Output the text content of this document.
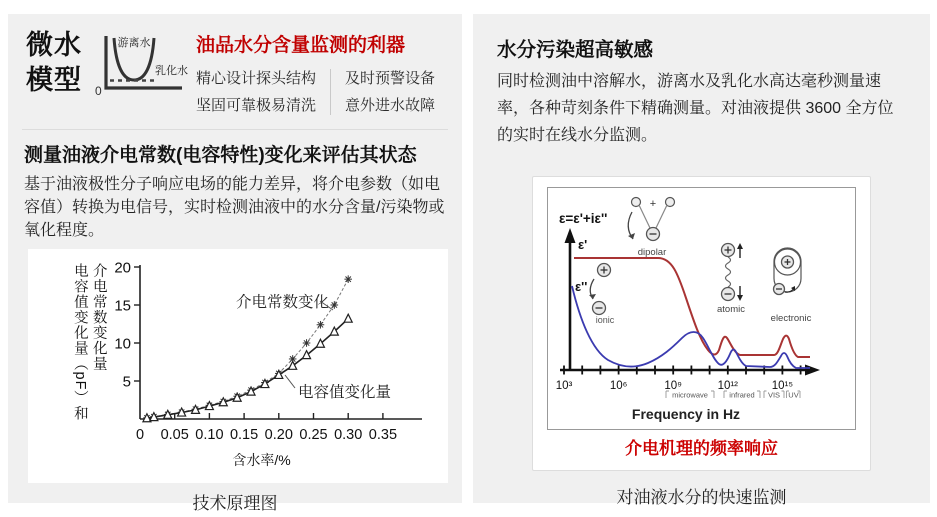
微水
模型 0
游离水
乳化水
油品水分含量监测的利器
精心设计探头结构
坚固可靠极易清洗
及时预警设备
意外进水故障
测量油液介电常数(电容特性)变化来评估其状态

基于油液极性分子响应电场的能力差异，将介电参数（如电容值）转换为电信号，实时检测油液中的水分含量/污染物或氧化程度。

电容值变化量（pF）和 介电常数变化量
5
10
15
20
0 0.05 0.10 0.15 0.20 0.25 0.30 0.35
含水率/%
介电常数变化
电容值变化量
技术原理图
水分污染超高敏感

同时检测油中溶解水，游离水及乳化水高达毫秒测量速率，各种苛刻条件下精确测量。对油液提供 3600 全方位的实时在线水分监测。

ε=ε'+iε''
ε'
ε''
ionic
+
dipolar
atomic
electronic
10³	10⁶	10⁹	10¹²	10¹⁵
microwave	infrared VIS UV
Frequency in Hz
介电机理的频率响应
对油液水分的快速监测
